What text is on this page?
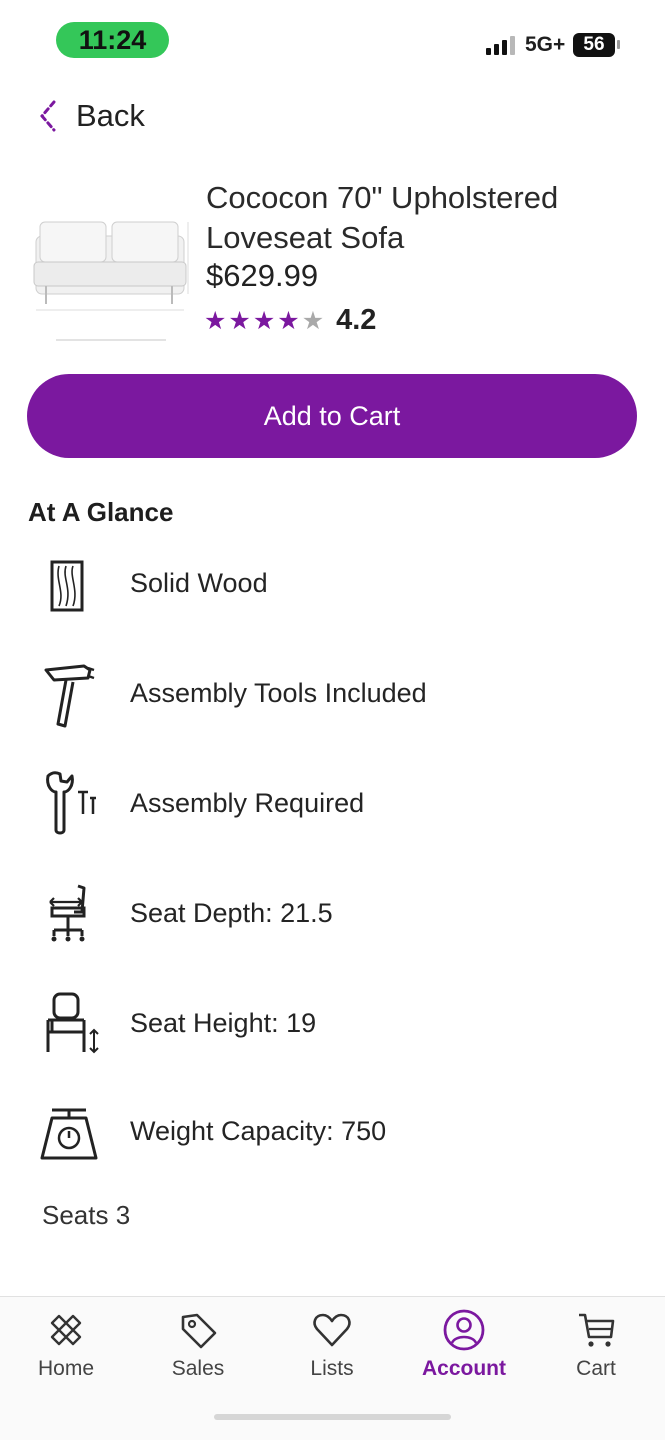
11:24	5G+ 56
Back
Cococon 70" Upholstered Loveseat Sofa
$629.99
★ ★ ★ ★ ★ 4.2
Add to Cart
At A Glance
Solid Wood
Assembly Tools Included
Assembly Required
Seat Depth: 21.5
Seat Height: 19
Weight Capacity: 750
Seats 3
Home	Sales	Lists	Account	Cart
